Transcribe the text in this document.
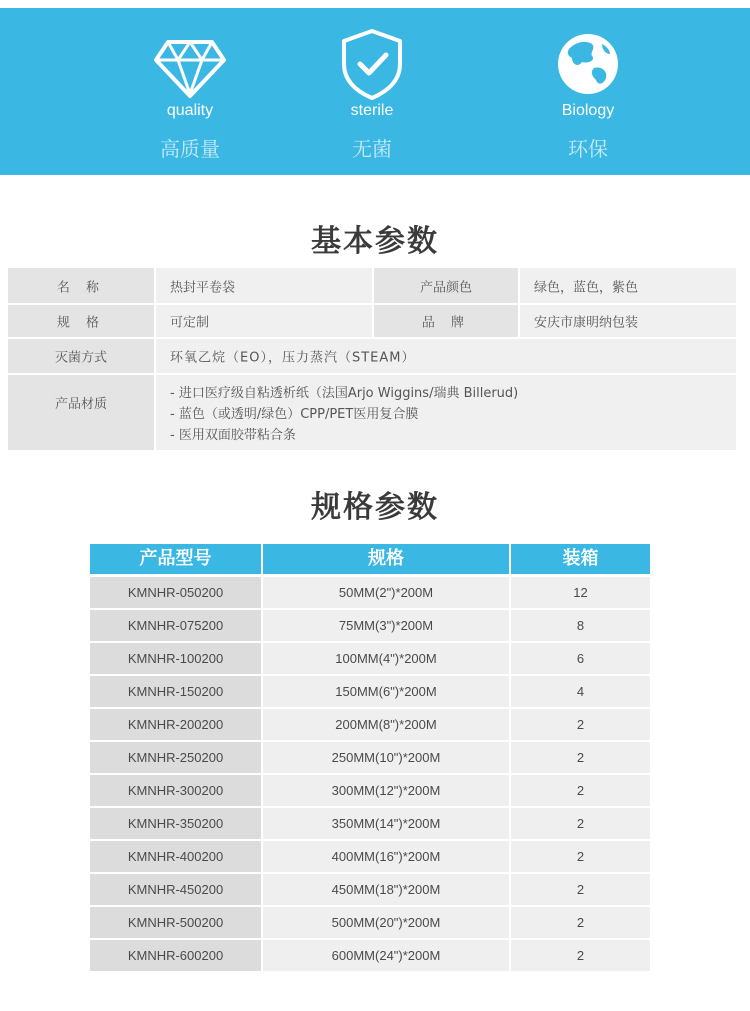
quality
高质量
sterile
无菌
Biology
环保
基本参数
名 称	热封平卷袋	产品颜色	绿色，蓝色，紫色
规 格	可定制	品 牌	安庆市康明纳包装
灭菌方式	环氧乙烷（EO），压力蒸汽（STEAM）
产品材质
- 进口医疗级自粘透析纸（法国Arjo Wiggins/瑞典 Billerud)
- 蓝色（或透明/绿色）CPP/PET医用复合膜
- 医用双面胶带粘合条
规格参数
产品型号	规格	装箱
KMNHR-050200	50MM(2")*200M	12
KMNHR-075200	75MM(3")*200M	8
KMNHR-100200	100MM(4")*200M	6
KMNHR-150200	150MM(6")*200M	4
KMNHR-200200	200MM(8")*200M	2
KMNHR-250200	250MM(10")*200M	2
KMNHR-300200	300MM(12")*200M	2
KMNHR-350200	350MM(14")*200M	2
KMNHR-400200	400MM(16")*200M	2
KMNHR-450200	450MM(18")*200M	2
KMNHR-500200	500MM(20")*200M	2
KMNHR-600200	600MM(24")*200M	2
